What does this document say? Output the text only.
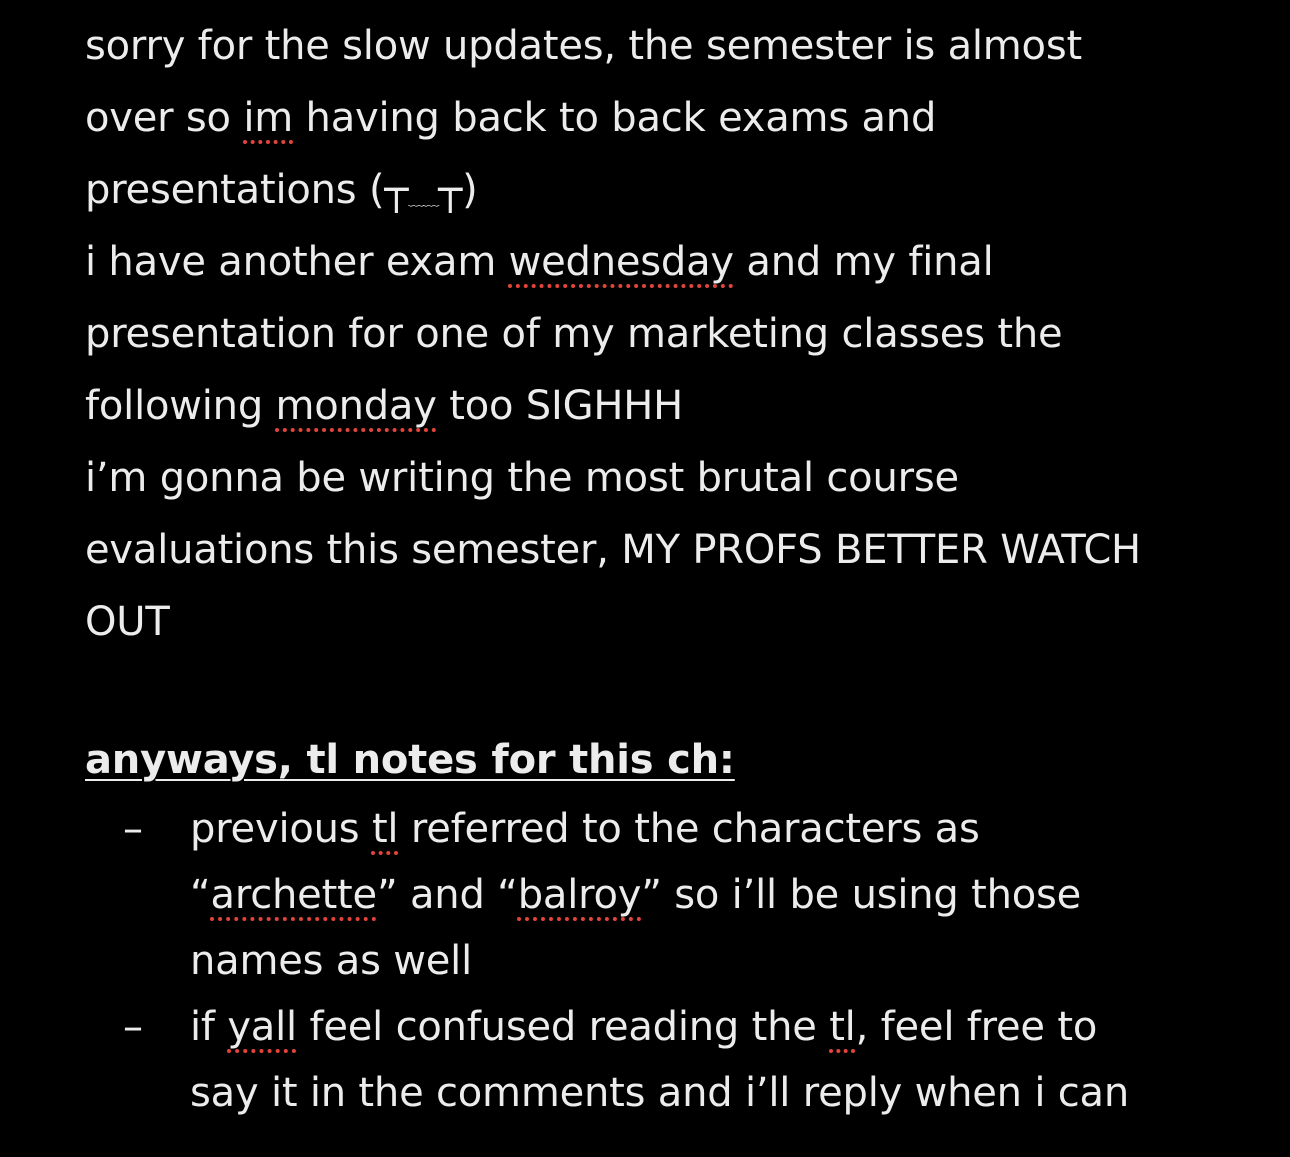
sorry for the slow updates, the semester is almost
over so im having back to back exams and
presentations (┬﹏﹏┬)
i have another exam wednesday and my final
presentation for one of my marketing classes the
following monday too SIGHHH
i’m gonna be writing the most brutal course
evaluations this semester, MY PROFS BETTER WATCH
OUT
anyways, tl notes for this ch:
– previous tl referred to the characters as
“archette” and “balroy” so i’ll be using those
names as well
– if yall feel confused reading the tl, feel free to
say it in the comments and i’ll reply when i can
